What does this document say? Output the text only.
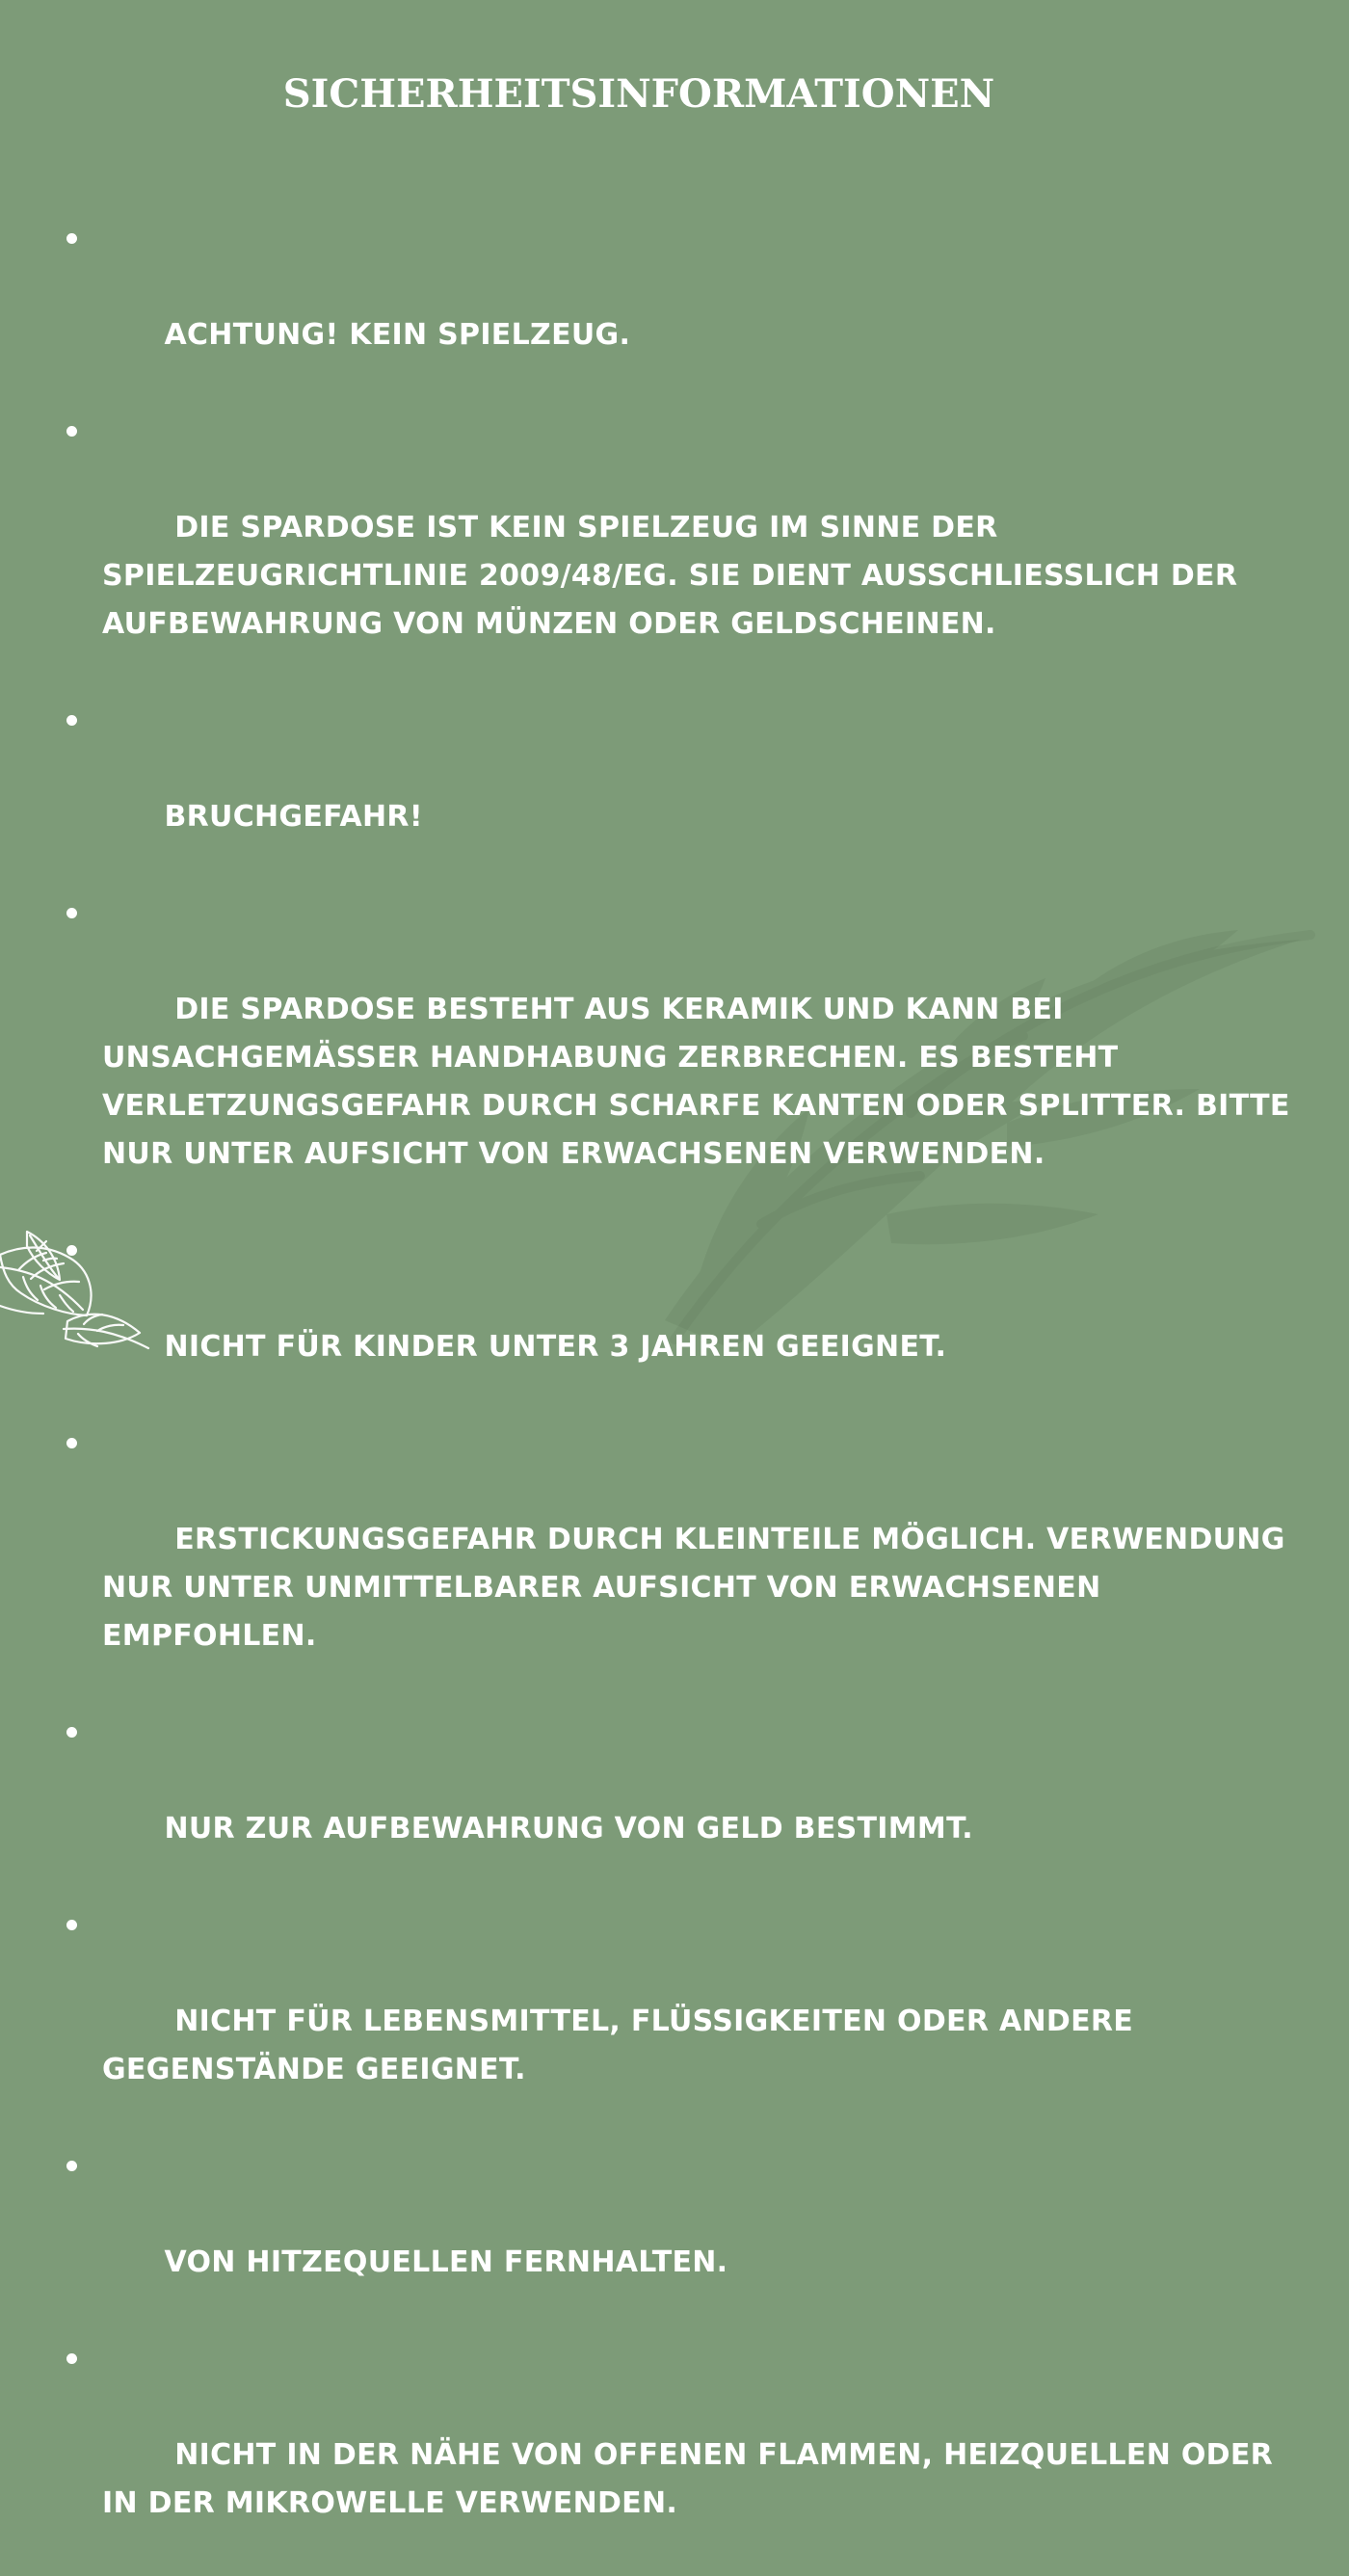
SICHERHEITSINFORMATIONEN

ACHTUNG! KEIN SPIELZEUG.

DIE SPARDOSE IST KEIN SPIELZEUG IM SINNE DER SPIELZEUGRICHTLINIE 2009/48/EG. SIE DIENT AUSSCHLIESSLICH DER AUFBEWAHRUNG VON MÜNZEN ODER GELDSCHEINEN.

BRUCHGEFAHR!

DIE SPARDOSE BESTEHT AUS KERAMIK UND KANN BEI UNSACHGEMÄSSER HANDHABUNG ZERBRECHEN. ES BESTEHT VERLETZUNGSGEFAHR DURCH SCHARFE KANTEN ODER SPLITTER. BITTE NUR UNTER AUFSICHT VON ERWACHSENEN VERWENDEN.

NICHT FÜR KINDER UNTER 3 JAHREN GEEIGNET.

ERSTICKUNGSGEFAHR DURCH KLEINTEILE MÖGLICH. VERWENDUNG NUR UNTER UNMITTELBARER AUFSICHT VON ERWACHSENEN EMPFOHLEN.

NUR ZUR AUFBEWAHRUNG VON GELD BESTIMMT.

NICHT FÜR LEBENSMITTEL, FLÜSSIGKEITEN ODER ANDERE GEGENSTÄNDE GEEIGNET.

VON HITZEQUELLEN FERNHALTEN.

NICHT IN DER NÄHE VON OFFENEN FLAMMEN, HEIZQUELLEN ODER IN DER MIKROWELLE VERWENDEN.
